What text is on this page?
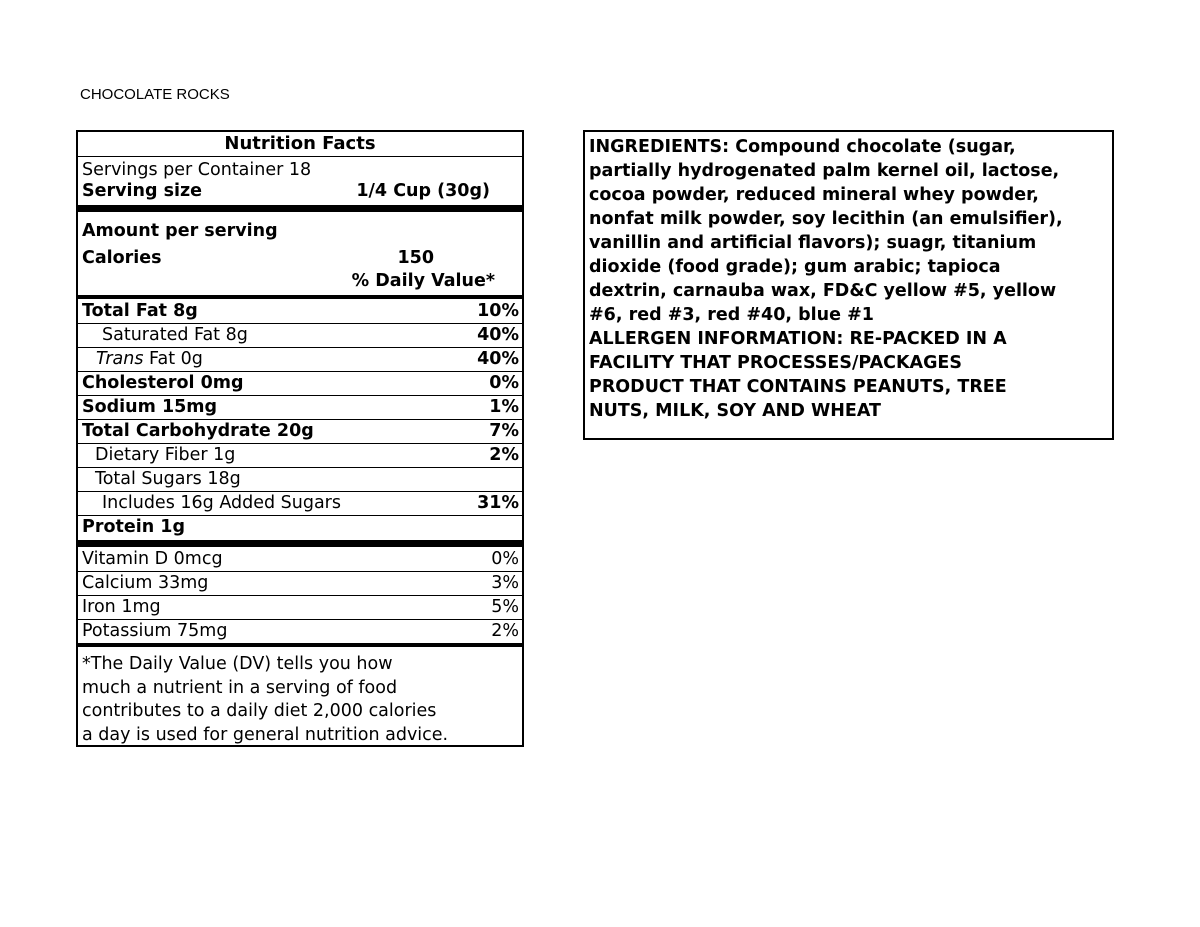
CHOCOLATE ROCKS
Nutrition Facts
Servings per Container 18
Serving size	1/4 Cup (30g)
Amount per serving
Calories	150
% Daily Value*
Total Fat 8g	10%
Saturated Fat 8g	40%
Trans Fat 0g	40%
Cholesterol 0mg	0%
Sodium 15mg	1%
Total Carbohydrate 20g	7%
Dietary Fiber 1g	2%
Total Sugars 18g
Includes 16g Added Sugars	31%
Protein 1g
Vitamin D 0mcg	0%
Calcium 33mg	3%
Iron 1mg	5%
Potassium 75mg	2%
*The Daily Value (DV) tells you how
much a nutrient in a serving of food
contributes to a daily diet 2,000 calories
a day is used for general nutrition advice.
INGREDIENTS: Compound chocolate (sugar,
partially hydrogenated palm kernel oil, lactose,
cocoa powder, reduced mineral whey powder,
nonfat milk powder, soy lecithin (an emulsifier),
vanillin and artificial flavors); suagr, titanium
dioxide (food grade); gum arabic; tapioca
dextrin, carnauba wax, FD&C yellow #5, yellow
#6, red #3, red #40, blue #1
ALLERGEN INFORMATION: RE-PACKED IN A
FACILITY THAT PROCESSES/PACKAGES
PRODUCT THAT CONTAINS PEANUTS, TREE
NUTS, MILK, SOY AND WHEAT
